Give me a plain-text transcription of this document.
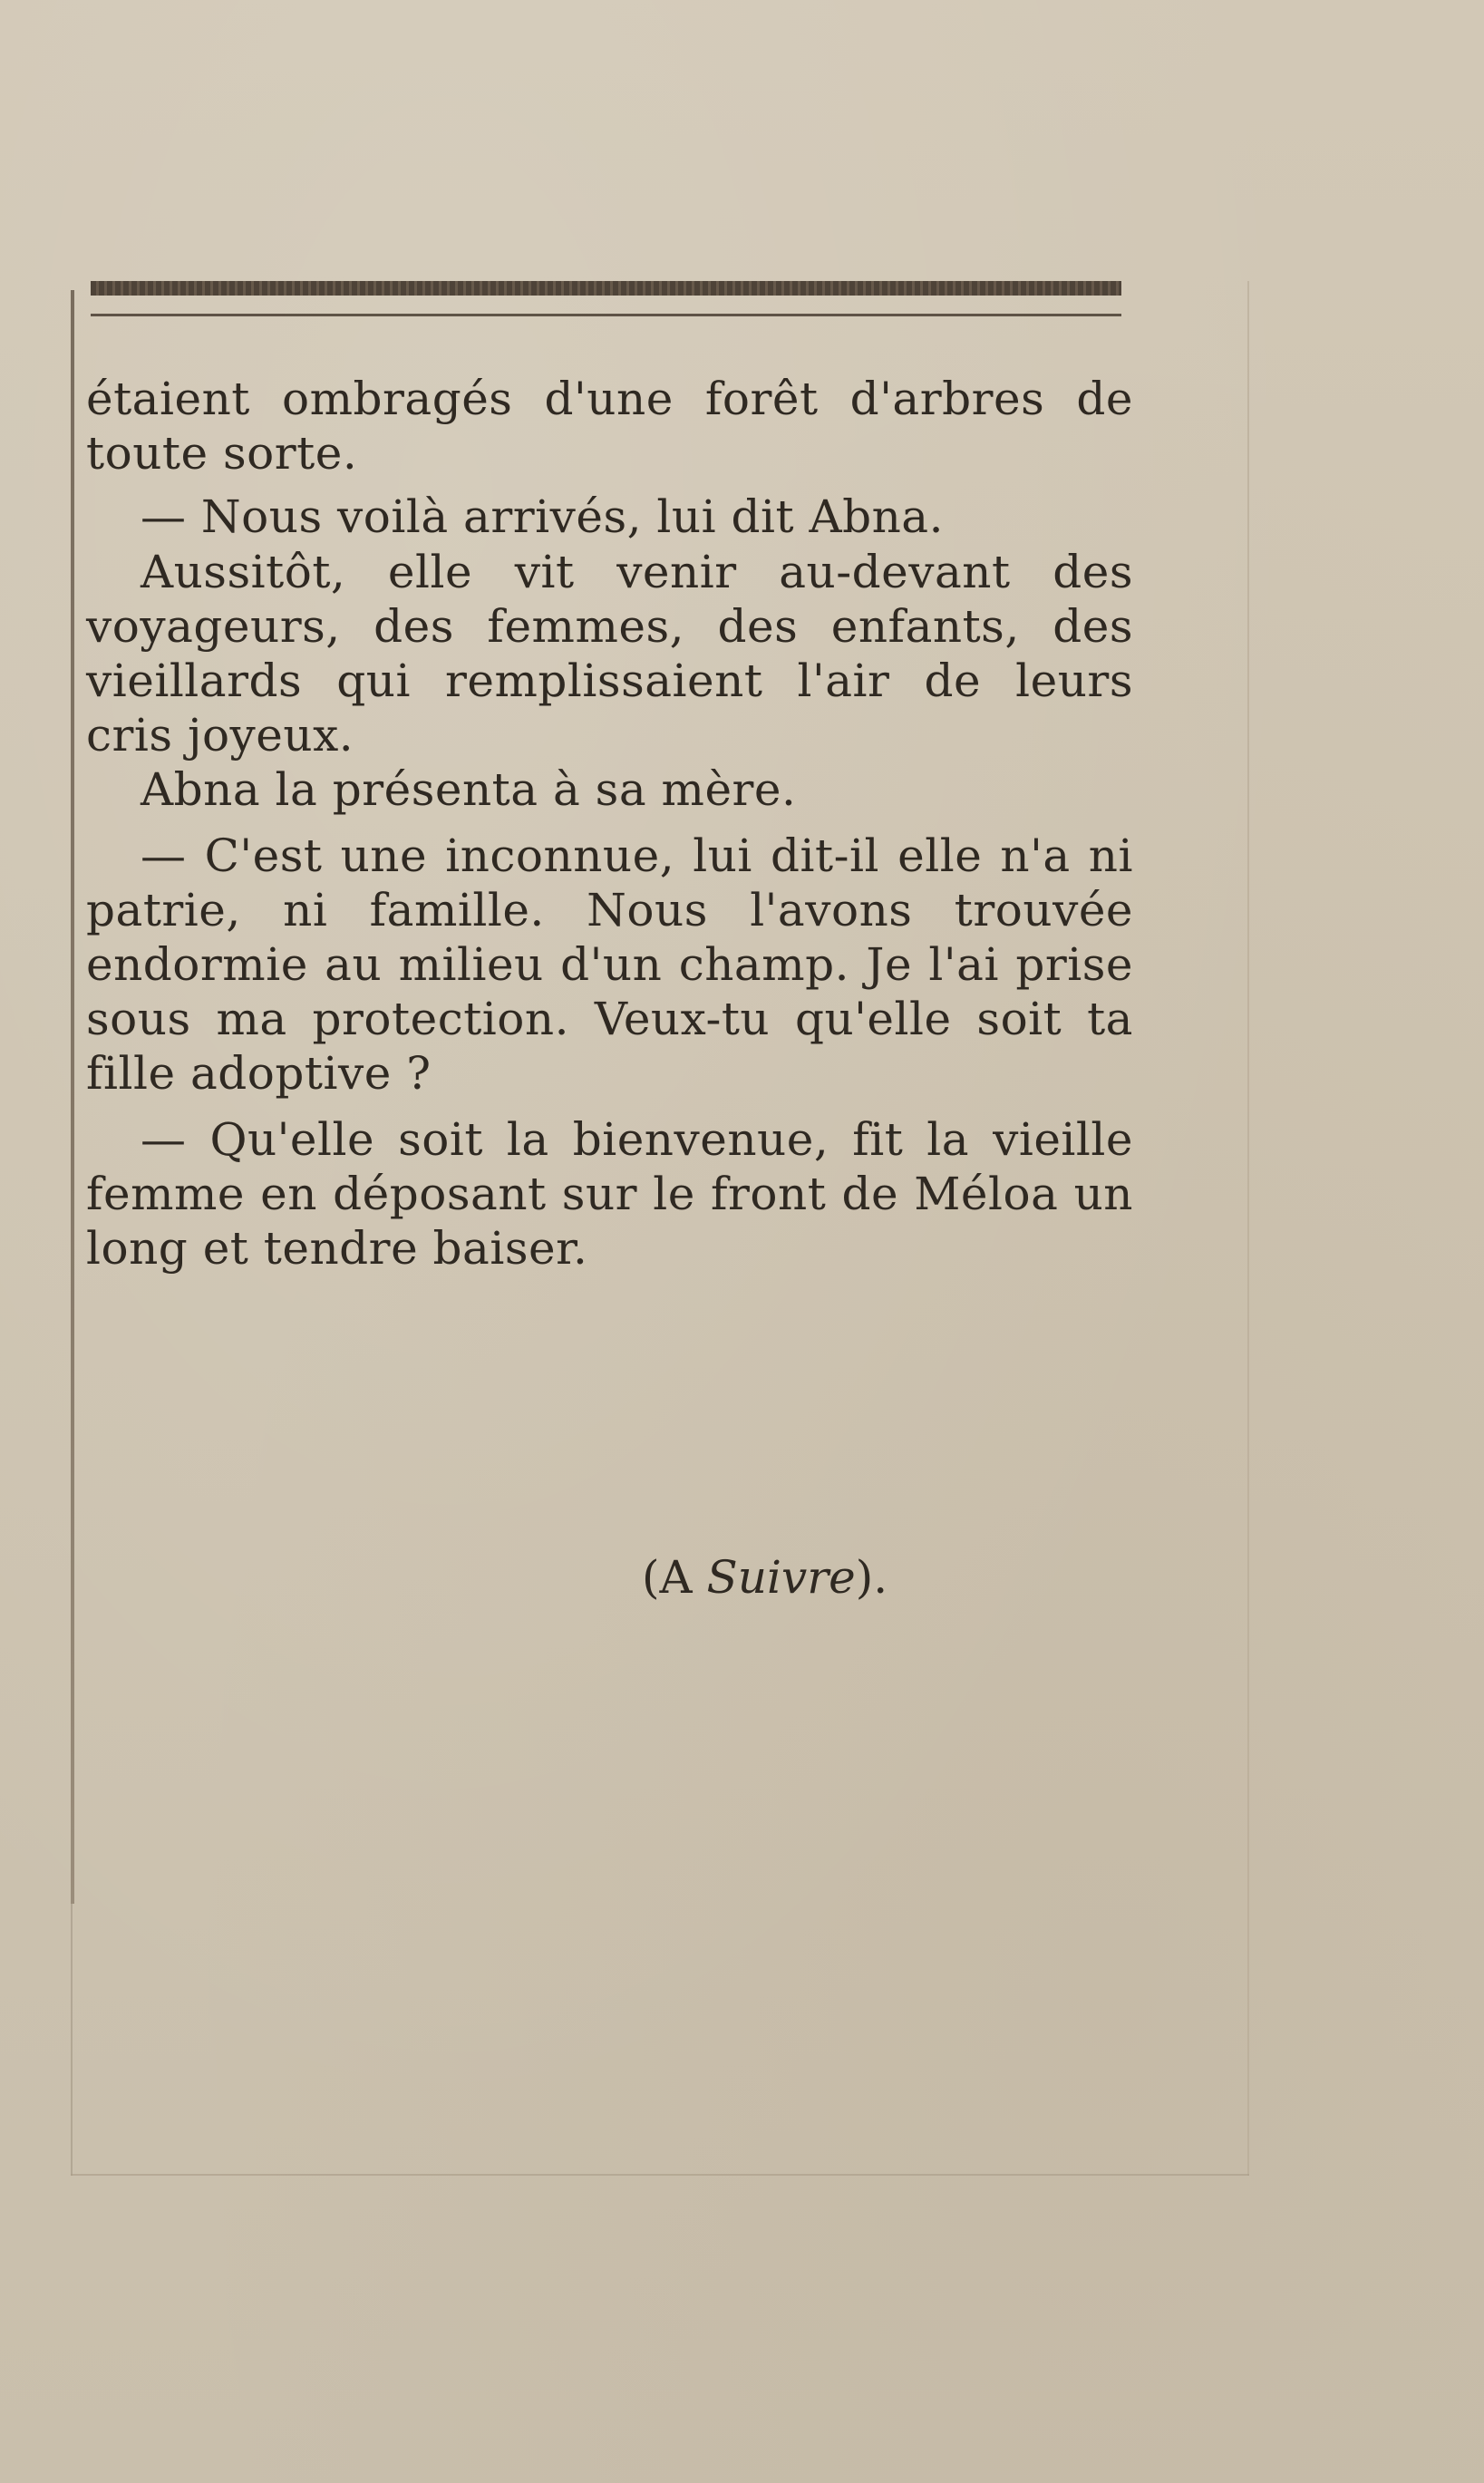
étaient ombragés d'une forêt d'arbres de toute sorte.

— Nous voilà arrivés, lui dit Abna.

Aussitôt, elle vit venir au-devant des voyageurs, des femmes, des enfants, des vieillards qui remplissaient l'air de leurs cris joyeux.

Abna la présenta à sa mère.

— C'est une inconnue, lui dit-il elle n'a ni patrie, ni famille. Nous l'avons trouvée endormie au milieu d'un champ. Je l'ai prise sous ma protection. Veux-tu qu'elle soit ta fille adoptive ?

— Qu'elle soit la bienvenue, fit la vieille femme en déposant sur le front de Méloa un long et tendre baiser.

(A Suivre).
